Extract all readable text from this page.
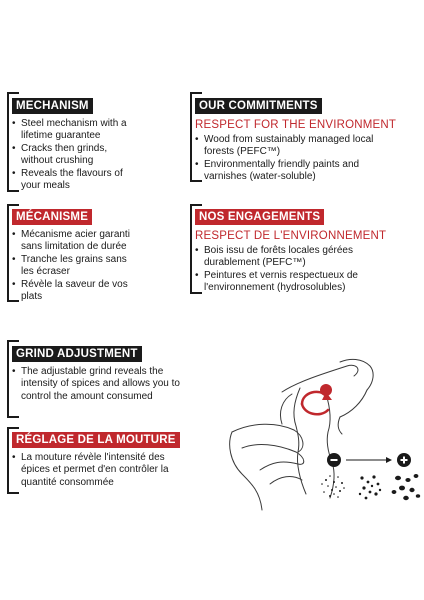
MECHANISM
• Steel mechanism with a lifetime guarantee
• Cracks then grinds, without crushing
• Reveals the flavours of your meals
MÉCANISME
• Mécanisme acier garanti sans limitation de durée
• Tranche les grains sans les écraser
• Révèle la saveur de vos plats
OUR COMMITMENTS
RESPECT FOR THE ENVIRONMENT
• Wood from sustainably managed local forests (PEFC™)
• Environmentally friendly paints and varnishes (water-soluble)
NOS ENGAGEMENTS
RESPECT DE L'ENVIRONNEMENT
• Bois issu de forêts locales gérées durablement (PEFC™)
• Peintures et vernis respectueux de l'environnement (hydrosolubles)
GRIND ADJUSTMENT
• The adjustable grind reveals the intensity of spices and allows you to control the amount consumed
RÉGLAGE DE LA MOUTURE
• La mouture révèle l'intensité des épices et permet d'en contrôler la quantité consommée
